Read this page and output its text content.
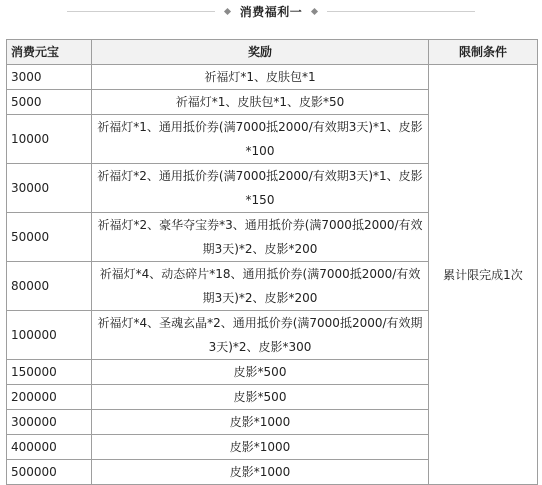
消费福利一
消费元宝	奖励	限制条件
3000	祈福灯*1、皮肤包*1	累计限完成1次
5000	祈福灯*1、皮肤包*1、皮影*50	
10000	祈福灯*1、通用抵价券(满7000抵2000/有效期3天)*1、皮影*100	
30000	祈福灯*2、通用抵价券(满7000抵2000/有效期3天)*1、皮影*150	
50000	祈福灯*2、豪华夺宝券*3、通用抵价券(满7000抵2000/有效期3天)*2、皮影*200	
80000	祈福灯*4、动态碎片*18、通用抵价券(满7000抵2000/有效期3天)*2、皮影*200	
100000	祈福灯*4、圣魂玄晶*2、通用抵价券(满7000抵2000/有效期3天)*2、皮影*300	
150000	皮影*500	
200000	皮影*500	
300000	皮影*1000	
400000	皮影*1000	
500000	皮影*1000	
